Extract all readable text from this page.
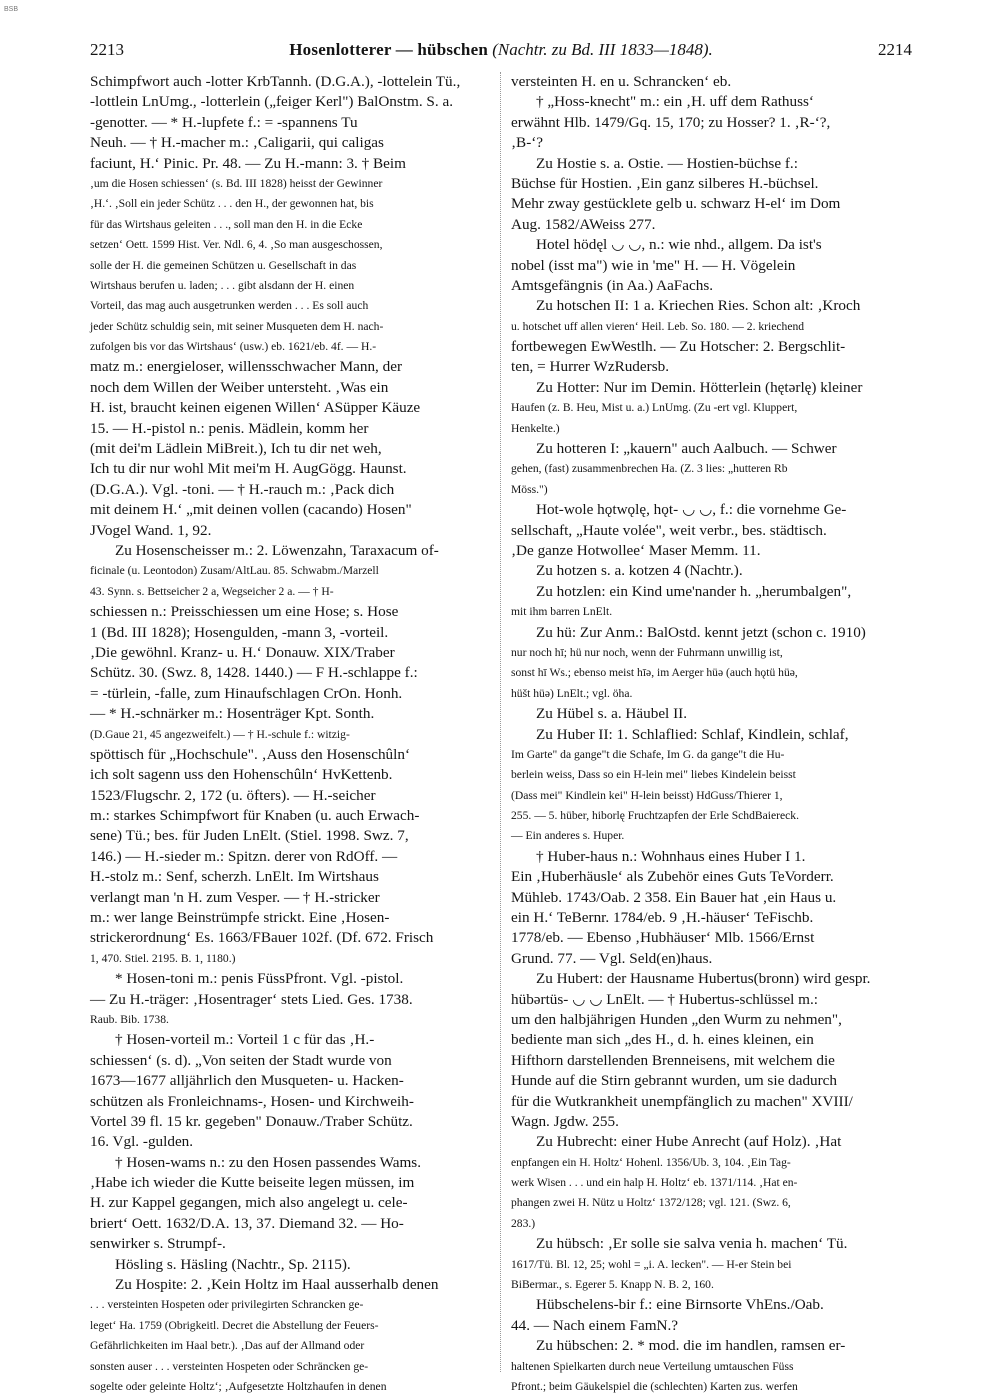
BSB
2213	Hosenlotterer — hübschen (Nachtr. zu Bd. III 1833—1848).	2214
Schimpfwort auch -lotter KrbTannh. (D.G.A.), -lottelein Tü.,
-lottlein LnUmg., -lotterlein („feiger Kerl") BalOnstm. S. a.
-genotter. — * H.-lupfete f.: = -spannens Tu
Neuh. — † H.-macher m.: ‚Caligarii, qui caligas
faciunt, H.‘ Pinic. Pr. 48. — Zu H.-mann: 3. † Beim
‚um die Hosen schiessen‘ (s. Bd. III 1828) heisst der Gewinner
‚H.‘. ‚Soll ein jeder Schütz . . . den H., der gewonnen hat, bis
für das Wirtshaus geleiten . . ., soll man den H. in die Ecke
setzen‘ Oett. 1599 Hist. Ver. Ndl. 6, 4. ‚So man ausgeschossen,
solle der H. die gemeinen Schützen u. Gesellschaft in das
Wirtshaus berufen u. laden; . . . gibt alsdann der H. einen
Vorteil, das mag auch ausgetrunken werden . . . Es soll auch
jeder Schütz schuldig sein, mit seiner Musqueten dem H. nach-
zufolgen bis vor das Wirtshaus‘ (usw.) eb. 1621/eb. 4f. — H.-
matz m.: energieloser, willensschwacher Mann, der
noch dem Willen der Weiber untersteht. ‚Was ein
H. ist, braucht keinen eigenen Willen‘ ASüpper Käuze
15. — H.-pistol n.: penis. Mädlein, komm her
(mit dei'm Lädlein MiBreit.), Ich tu dir net weh,
Ich tu dir nur wohl Mit mei'm H. AugGögg. Haunst.
(D.G.A.). Vgl. -toni. — † H.-rauch m.: ‚Pack dich
mit deinem H.‘ „mit deinen vollen (cacando) Hosen"
JVogel Wand. 1, 92.
Zu Hosenscheisser m.: 2. Löwenzahn, Taraxacum of-
ficinale (u. Leontodon) Zusam/AltLau. 85. Schwabm./Marzell
43. Synn. s. Bettseicher 2 a, Wegseicher 2 a. — † H-
schiessen n.: Preisschiessen um eine Hose; s. Hose
1 (Bd. III 1828); Hosengulden, -mann 3, -vorteil.
‚Die gewöhnl. Kranz- u. H.‘ Donauw. XIX/Traber
Schütz. 30. (Swz. 8, 1428. 1440.) — F H.-schlappe f.:
= -türlein, -falle, zum Hinaufschlagen CrOn. Honh.
— * H.-schnärker m.: Hosenträger Kpt. Sonth.
(D.Gaue 21, 45 angezweifelt.) — † H.-schule f.: witzig-
spöttisch für „Hochschule". ‚Auss den Hosenschûln‘
ich solt sagenn uss den Hohenschûln‘ HvKettenb.
1523/Flugschr. 2, 172 (u. öfters). — H.-seicher
m.: starkes Schimpfwort für Knaben (u. auch Erwach-
sene) Tü.; bes. für Juden LnElt. (Stiel. 1998. Swz. 7,
146.) — H.-sieder m.: Spitzn. derer von RdOff. —
H.-stolz m.: Senf, scherzh. LnElt. Im Wirtshaus
verlangt man 'n H. zum Vesper. — † H.-stricker
m.: wer lange Beinstrümpfe strickt. Eine ‚Hosen-
strickerordnung‘ Es. 1663/FBauer 102f. (Df. 672. Frisch
1, 470. Stiel. 2195. B. 1, 1180.)
* Hosen-toni m.: penis FüssPfront. Vgl. -pistol.
— Zu H.-träger: ‚Hosentrager‘ stets Lied. Ges. 1738.
Raub. Bib. 1738.
† Hosen-vorteil m.: Vorteil 1 c für das ‚H.-
schiessen‘ (s. d). „Von seiten der Stadt wurde von
1673—1677 alljährlich den Musqueten- u. Hacken-
schützen als Fronleichnams-, Hosen- und Kirchweih-
Vortel 39 fl. 15 kr. gegeben" Donauw./Traber Schütz.
16. Vgl. -gulden.
† Hosen-wams n.: zu den Hosen passendes Wams.
‚Habe ich wieder die Kutte beiseite legen müssen, im
H. zur Kappel gegangen, mich also angelegt u. cele-
briert‘ Oett. 1632/D.A. 13, 37. Diemand 32. — Ho-
senwirker s. Strumpf-.
Hösling s. Häsling (Nachtr., Sp. 2115).
Zu Hospite: 2. ‚Kein Holtz im Haal ausserhalb denen
. . . versteinten Hospeten oder privilegirten Schrancken ge-
leget‘ Ha. 1759 (Obrigkeitl. Decret die Abstellung der Feuers-
Gefährlichkeiten im Haal betr.). ‚Das auf der Allmand oder
sonsten auser . . . versteinten Hospeten oder Schräncken ge-
sogelte oder geleinte Holtz‘; ‚Aufgesetzte Holtzhaufen in denen
versteinten H. en u. Schrancken‘ eb.
† „Hoss-knecht" m.: ein ‚H. uff dem Rathuss‘
erwähnt Hlb. 1479/Gq. 15, 170; zu Hosser? 1. ‚R-‘?,
‚B-‘?
Zu Hostie s. a. Ostie. — Hostien-büchse f.:
Büchse für Hostien. ‚Ein ganz silberes H.-büchsel.
Mehr zway gestücklete gelb u. schwarz H-el‘ im Dom
Aug. 1582/AWeiss 277.
Hotel hödęl ◡ ◡, n.: wie nhd., allgem. Da ist's
nobel (isst ma") wie in 'me" H. — H. Vögelein
Amtsgefängnis (in Aa.) AaFachs.
Zu hotschen II: 1 a. Kriechen Ries. Schon alt: ‚Kroch
u. hotschet uff allen vieren‘ Heil. Leb. So. 180. — 2. kriechend
fortbewegen EwWestlh. — Zu Hotscher: 2. Bergschlit-
ten, = Hurrer WzRudersb.
Zu Hotter: Nur im Demin. Hötterlein (hętərlę) kleiner
Haufen (z. B. Heu, Mist u. a.) LnUmg. (Zu -ert vgl. Kluppert,
Henkelte.)
Zu hotteren I: „kauern" auch Aalbuch. — Schwer
gehen, (fast) zusammenbrechen Ha. (Z. 3 lies: „hutteren Rb
Möss.")
Hot-wole hǫtwǫlę, hǫt- ◡ ◡, f.: die vornehme Ge-
sellschaft, „Haute volée", weit verbr., bes. städtisch.
‚De ganze Hotwollee‘ Maser Memm. 11.
Zu hotzen s. a. kotzen 4 (Nachtr.).
Zu hotzlen: ein Kind ume'nander h. „herumbalgen",
mit ihm barren LnElt.
Zu hü: Zur Anm.: BalOstd. kennt jetzt (schon c. 1910)
nur noch hī; hü nur noch, wenn der Fuhrmann unwillig ist,
sonst hī Ws.; ebenso meist hīə, im Aerger hüə (auch hǫtü hüə,
hüšt hüə) LnElt.; vgl. öha.
Zu Hübel s. a. Häubel II.
Zu Huber II: 1. Schlaflied: Schlaf, Kindlein, schlaf,
Im Garte" da gange"t die Schafe, Im G. da gange"t die Hu-
berlein weiss, Dass so ein H-lein mei" liebes Kindelein beisst
(Dass mei" Kindlein kei" H-lein beisst) HdGuss/Thierer 1,
255. — 5. hüber, hiborlę Fruchtzapfen der Erle SchdBaiereck.
— Ein anderes s. Huper.
† Huber-haus n.: Wohnhaus eines Huber I 1.
Ein ‚Huberhäusle‘ als Zubehör eines Guts TeVorderr.
Mühleb. 1743/Oab. 2 358. Ein Bauer hat ‚ein Haus u.
ein H.‘ TeBernr. 1784/eb. 9 ‚H.-häuser‘ TeFischb.
1778/eb. — Ebenso ‚Hubhäuser‘ Mlb. 1566/Ernst
Grund. 77. — Vgl. Seld(en)haus.
Zu Hubert: der Hausname Hubertus(bronn) wird gespr.
hübərtüs- ◡ ◡ LnElt. — † Hubertus-schlüssel m.:
um den halbjährigen Hunden „den Wurm zu nehmen",
bediente man sich „des H., d. h. eines kleinen, ein
Hifthorn darstellenden Brenneisens, mit welchem die
Hunde auf die Stirn gebrannt wurden, um sie dadurch
für die Wutkrankheit unempfänglich zu machen" XVIII/
Wagn. Jgdw. 255.
Zu Hubrecht: einer Hube Anrecht (auf Holz). ‚Hat
enpfangen ein H. Holtz‘ Hohenl. 1356/Ub. 3, 104. ‚Ein Tag-
werk Wisen . . . und ein halp H. Holtz‘ eb. 1371/114. ‚Hat en-
phangen zwei H. Nütz u Holtz‘ 1372/128; vgl. 121. (Swz. 6,
283.)
Zu hübsch: ‚Er solle sie salva venia h. machen‘ Tü.
1617/Tü. Bl. 12, 25; wohl = „i. A. lecken". — H-er Stein bei
BiBermar., s. Egerer 5. Knapp N. B. 2, 160.
Hübschelens-bir f.: eine Birnsorte VhEns./Oab.
44. — Nach einem FamN.?
Zu hübschen: 2. * mod. die im handlen, ramsen er-
haltenen Spielkarten durch neue Verteilung umtauschen Füss
Pfront.; beim Gäukelspiel die (schlechten) Karten zus. werfen
